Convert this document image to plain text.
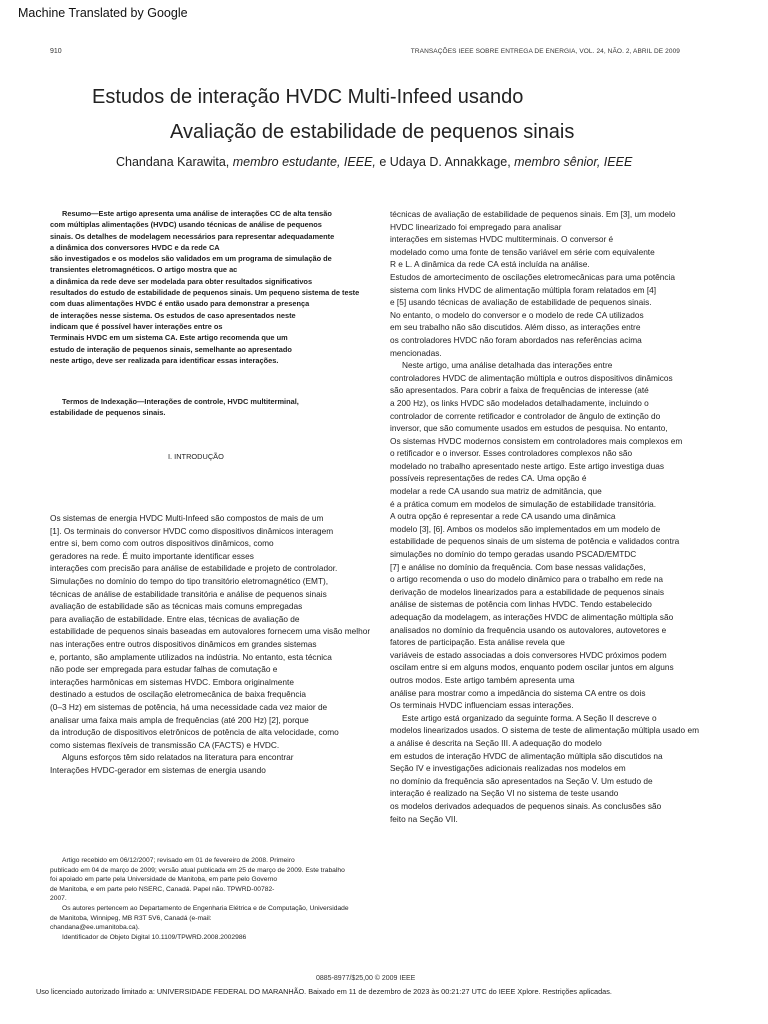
Machine Translated by Google
910	TRANSAÇÕES IEEE SOBRE ENTREGA DE ENERGIA, VOL. 24, NÃO. 2, ABRIL DE 2009
Estudos de interação HVDC Multi-Infeed usando
Avaliação de estabilidade de pequenos sinais
Chandana Karawita, membro estudante, IEEE, e Udaya D. Annakkage, membro sênior, IEEE
Resumo—Este artigo apresenta uma análise de interações CC de alta tensão
com múltiplas alimentações (HVDC) usando técnicas de análise de pequenos
sinais. Os detalhes de modelagem necessários para representar adequadamente
a dinâmica dos conversores HVDC e da rede CA
são investigados e os modelos são validados em um programa de simulação de
transientes eletromagnéticos. O artigo mostra que ac
a dinâmica da rede deve ser modelada para obter resultados significativos
resultados do estudo de estabilidade de pequenos sinais. Um pequeno sistema de teste
com duas alimentações HVDC é então usado para demonstrar a presença
de interações nesse sistema. Os estudos de caso apresentados neste
indicam que é possível haver interações entre os
Terminais HVDC em um sistema CA. Este artigo recomenda que um
estudo de interação de pequenos sinais, semelhante ao apresentado
neste artigo, deve ser realizada para identificar essas interações.
Termos de Indexação—Interações de controle, HVDC multiterminal,
estabilidade de pequenos sinais.
I. INTRODUÇÃO
Os sistemas de energia HVDC Multi-Infeed são compostos de mais de um
[1]. Os terminais do conversor HVDC como dispositivos dinâmicos interagem
entre si, bem como com outros dispositivos dinâmicos, como
geradores na rede. É muito importante identificar esses
interações com precisão para análise de estabilidade e projeto de controlador.
Simulações no domínio do tempo do tipo transitório eletromagnético (EMT),
técnicas de análise de estabilidade transitória e análise de pequenos sinais
avaliação de estabilidade são as técnicas mais comuns empregadas
para avaliação de estabilidade. Entre elas, técnicas de avaliação de
estabilidade de pequenos sinais baseadas em autovalores fornecem uma visão melhor
nas interações entre outros dispositivos dinâmicos em grandes sistemas
e, portanto, são amplamente utilizados na indústria. No entanto, esta técnica
não pode ser empregada para estudar falhas de comutação e
interações harmônicas em sistemas HVDC. Embora originalmente
destinado a estudos de oscilação eletromecânica de baixa frequência
(0–3 Hz) em sistemas de potência, há uma necessidade cada vez maior de
analisar uma faixa mais ampla de frequências (até 200 Hz) [2], porque
da introdução de dispositivos eletrônicos de potência de alta velocidade, como
como sistemas flexíveis de transmissão CA (FACTS) e HVDC.
Alguns esforços têm sido relatados na literatura para encontrar
Interações HVDC-gerador em sistemas de energia usando
Artigo recebido em 06/12/2007; revisado em 01 de fevereiro de 2008. Primeiro
publicado em 04 de março de 2009; versão atual publicada em 25 de março de 2009. Este trabalho
foi apoiado em parte pela Universidade de Manitoba, em parte pelo Governo
de Manitoba, e em parte pelo NSERC, Canadá. Papel não. TPWRD-00782-
2007.
Os autores pertencem ao Departamento de Engenharia Elétrica e de Computação, Universidade
de Manitoba, Winnipeg, MB R3T 5V6, Canadá (e-mail:
chandana@ee.umanitoba.ca).
Identificador de Objeto Digital 10.1109/TPWRD.2008.2002986
técnicas de avaliação de estabilidade de pequenos sinais. Em [3], um modelo
HVDC linearizado foi empregado para analisar
interações em sistemas HVDC multiterminais. O conversor é
modelado como uma fonte de tensão variável em série com equivalente
R e L. A dinâmica da rede CA está incluída na análise.
Estudos de amortecimento de oscilações eletromecânicas para uma potência
sistema com links HVDC de alimentação múltipla foram relatados em [4]
e [5] usando técnicas de avaliação de estabilidade de pequenos sinais.
No entanto, o modelo do conversor e o modelo de rede CA utilizados
em seu trabalho não são discutidos. Além disso, as interações entre
os controladores HVDC não foram abordados nas referências acima
mencionadas.
Neste artigo, uma análise detalhada das interações entre
controladores HVDC de alimentação múltipla e outros dispositivos dinâmicos
são apresentados. Para cobrir a faixa de frequências de interesse (até
a 200 Hz), os links HVDC são modelados detalhadamente, incluindo o
controlador de corrente retificador e controlador de ângulo de extinção do
inversor, que são comumente usados em estudos de pesquisa. No entanto,
Os sistemas HVDC modernos consistem em controladores mais complexos em
o retificador e o inversor. Esses controladores complexos não são
modelado no trabalho apresentado neste artigo. Este artigo investiga duas
possíveis representações de redes CA. Uma opção é
modelar a rede CA usando sua matriz de admitância, que
é a prática comum em modelos de simulação de estabilidade transitória.
A outra opção é representar a rede CA usando uma dinâmica
modelo [3], [6]. Ambos os modelos são implementados em um modelo de
estabilidade de pequenos sinais de um sistema de potência e validados contra
simulações no domínio do tempo geradas usando PSCAD/EMTDC
[7] e análise no domínio da frequência. Com base nessas validações,
o artigo recomenda o uso do modelo dinâmico para o trabalho em rede na
derivação de modelos linearizados para a estabilidade de pequenos sinais
análise de sistemas de potência com linhas HVDC. Tendo estabelecido
adequação da modelagem, as interações HVDC de alimentação múltipla são
analisados no domínio da frequência usando os autovalores, autovetores e
fatores de participação. Esta análise revela que
variáveis de estado associadas a dois conversores HVDC próximos podem
oscilam entre si em alguns modos, enquanto podem oscilar juntos em alguns
outros modos. Este artigo também apresenta uma
análise para mostrar como a impedância do sistema CA entre os dois
Os terminais HVDC influenciam essas interações.
Este artigo está organizado da seguinte forma. A Seção II descreve o
modelos linearizados usados. O sistema de teste de alimentação múltipla usado em
a análise é descrita na Seção III. A adequação do modelo
em estudos de interação HVDC de alimentação múltipla são discutidos na
Seção IV e investigações adicionais realizadas nos modelos em
no domínio da frequência são apresentados na Seção V. Um estudo de
interação é realizado na Seção VI no sistema de teste usando
os modelos derivados adequados de pequenos sinais. As conclusões são
feito na Seção VII.
0885-8977/$25,00 © 2009 IEEE
Uso licenciado autorizado limitado a: UNIVERSIDADE FEDERAL DO MARANHÃO. Baixado em 11 de dezembro de 2023 às 00:21:27 UTC do IEEE Xplore. Restrições aplicadas.
